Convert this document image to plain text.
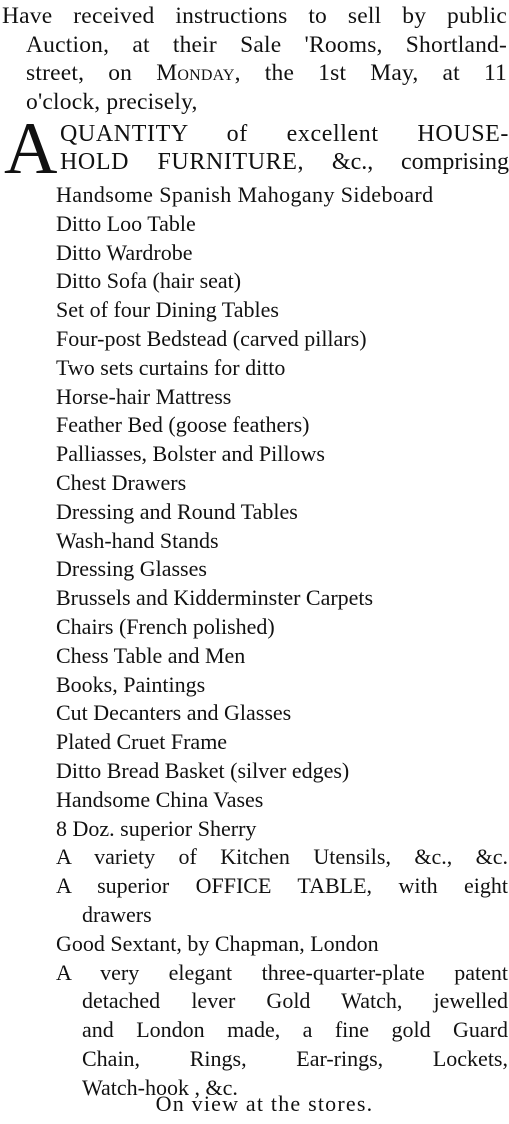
Have received instructions to sell by public
Auction, at their Sale 'Rooms, Shortland-
street, on Monday, the 1st May, at 11
o'clock, precisely,
A QUANTITY of excellent HOUSE-
HOLD FURNITURE, &c., comprising
Handsome Spanish Mahogany Sideboard
Ditto Loo Table
Ditto Wardrobe
Ditto Sofa (hair seat)
Set of four Dining Tables
Four-post Bedstead (carved pillars)
Two sets curtains for ditto
Horse-hair Mattress
Feather Bed (goose feathers)
Palliasses, Bolster and Pillows
Chest Drawers
Dressing and Round Tables
Wash-hand Stands
Dressing Glasses
Brussels and Kidderminster Carpets
Chairs (French polished)
Chess Table and Men
Books, Paintings
Cut Decanters and Glasses
Plated Cruet Frame
Ditto Bread Basket (silver edges)
Handsome China Vases
8 Doz. superior Sherry
A variety of Kitchen Utensils, &c., &c.
A superior OFFICE TABLE, with eight
drawers
Good Sextant, by Chapman, London
A very elegant three-quarter-plate patent
detached lever Gold Watch, jewelled
and London made, a fine gold Guard
Chain, Rings, Ear-rings, Lockets,
Watch-hook , &c.
On view at the stores.
